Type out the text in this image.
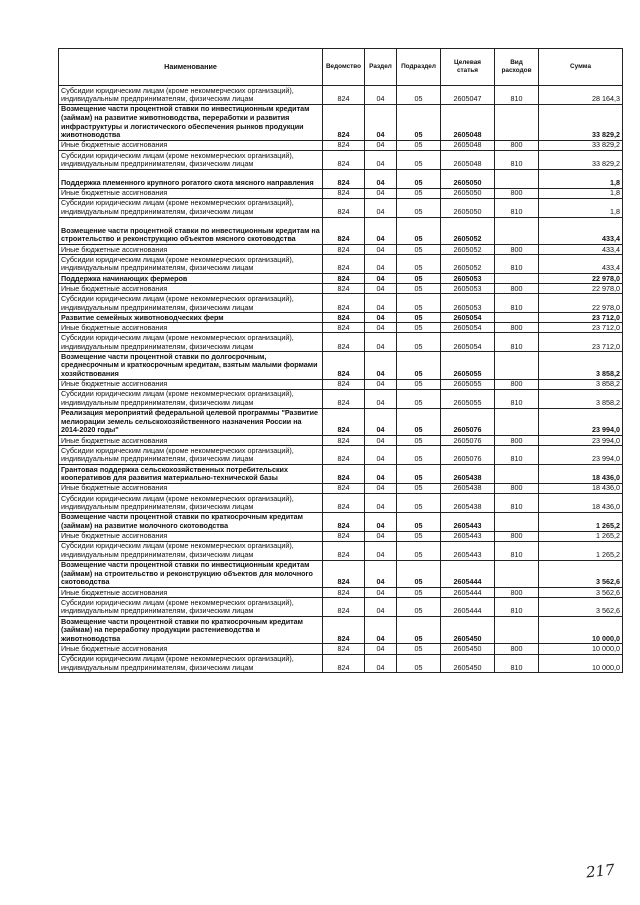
Наименование	Ведомство	Раздел	Подраздел	Целевая статья	Вид расходов	Сумма
Субсидии юридическим лицам (кроме некоммерческих организаций), индивидуальным предпринимателям, физическим лицам	824	04	05	2605047	810	28 164,3
Возмещение части процентной ставки по инвестиционным кредитам (займам) на развитие животноводства, переработки и развития инфраструктуры и логистического обеспечения рынков продукции животноводства	824	04	05	2605048		33 829,2
Иные бюджетные ассигнования	824	04	05	2605048	800	33 829,2
Субсидии юридическим лицам (кроме некоммерческих организаций), индивидуальным предпринимателям, физическим лицам	824	04	05	2605048	810	33 829,2
Поддержка племенного крупного рогатого скота мясного направления	824	04	05	2605050		1,8
Иные бюджетные ассигнования	824	04	05	2605050	800	1,8
Субсидии юридическим лицам (кроме некоммерческих организаций), индивидуальным предпринимателям, физическим лицам	824	04	05	2605050	810	1,8
Возмещение части процентной ставки по инвестиционным кредитам на строительство и реконструкцию объектов мясного скотоводства	824	04	05	2605052		433,4
Иные бюджетные ассигнования	824	04	05	2605052	800	433,4
Субсидии юридическим лицам (кроме некоммерческих организаций), индивидуальным предпринимателям, физическим лицам	824	04	05	2605052	810	433,4
Поддержка начинающих фермеров	824	04	05	2605053		22 978,0
Иные бюджетные ассигнования	824	04	05	2605053	800	22 978,0
Субсидии юридическим лицам (кроме некоммерческих организаций), индивидуальным предпринимателям, физическим лицам	824	04	05	2605053	810	22 978,0
Развитие семейных животноводческих ферм	824	04	05	2605054		23 712,0
Иные бюджетные ассигнования	824	04	05	2605054	800	23 712,0
Субсидии юридическим лицам (кроме некоммерческих организаций), индивидуальным предпринимателям, физическим лицам	824	04	05	2605054	810	23 712,0
Возмещение части процентной ставки по долгосрочным, среднесрочным и краткосрочным кредитам, взятым малыми формами хозяйствования	824	04	05	2605055		3 858,2
Иные бюджетные ассигнования	824	04	05	2605055	800	3 858,2
Субсидии юридическим лицам (кроме некоммерческих организаций), индивидуальным предпринимателям, физическим лицам	824	04	05	2605055	810	3 858,2
Реализация мероприятий федеральной целевой программы "Развитие мелиорации земель сельскохозяйственного назначения России на 2014-2020 годы"	824	04	05	2605076		23 994,0
Иные бюджетные ассигнования	824	04	05	2605076	800	23 994,0
Субсидии юридическим лицам (кроме некоммерческих организаций), индивидуальным предпринимателям, физическим лицам	824	04	05	2605076	810	23 994,0
Грантовая поддержка сельскохозяйственных потребительских кооперативов для развития материально-технической базы	824	04	05	2605438		18 436,0
Иные бюджетные ассигнования	824	04	05	2605438	800	18 436,0
Субсидии юридическим лицам (кроме некоммерческих организаций), индивидуальным предпринимателям, физическим лицам	824	04	05	2605438	810	18 436,0
Возмещение части процентной ставки по краткосрочным кредитам (займам) на развитие молочного скотоводства	824	04	05	2605443		1 265,2
Иные бюджетные ассигнования	824	04	05	2605443	800	1 265,2
Субсидии юридическим лицам (кроме некоммерческих организаций), индивидуальным предпринимателям, физическим лицам	824	04	05	2605443	810	1 265,2
Возмещение части процентной ставки по инвестиционным кредитам (займам) на строительство и реконструкцию объектов для молочного скотоводства	824	04	05	2605444		3 562,6
Иные бюджетные ассигнования	824	04	05	2605444	800	3 562,6
Субсидии юридическим лицам (кроме некоммерческих организаций), индивидуальным предпринимателям, физическим лицам	824	04	05	2605444	810	3 562,6
Возмещение части процентной ставки по краткосрочным кредитам (займам) на переработку продукции растениеводства и животноводства	824	04	05	2605450		10 000,0
Иные бюджетные ассигнования	824	04	05	2605450	800	10 000,0
Субсидии юридическим лицам (кроме некоммерческих организаций), индивидуальным предпринимателям, физическим лицам	824	04	05	2605450	810	10 000,0
217
